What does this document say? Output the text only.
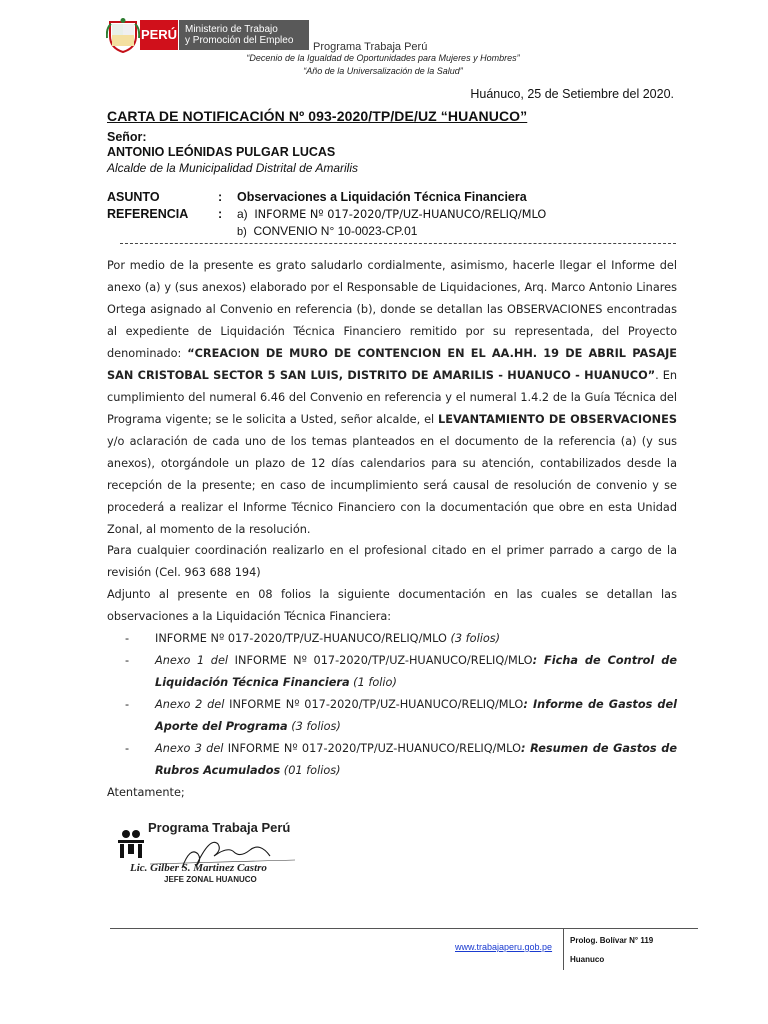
PERÚ Ministerio de Trabajo
y Promoción del Empleo
Programa Trabaja Perú
“Decenio de la Igualdad de Oportunidades para Mujeres y Hombres”
“Año de la Universalización de la Salud”
Huánuco, 25 de Setiembre del 2020.
CARTA DE NOTIFICACIÓN Nº 093-2020/TP/DE/UZ “HUANUCO”
Señor:
ANTONIO LEÓNIDAS PULGAR LUCAS
Alcalde de la Municipalidad Distrital de Amarilis
ASUNTO	: Observaciones a Liquidación Técnica Financiera
REFERENCIA : a) INFORME Nº 017-2020/TP/UZ-HUANUCO/RELIQ/MLO
b) CONVENIO N° 10-0023-CP.01
Por medio de la presente es grato saludarlo cordialmente, asimismo, hacerle llegar el Informe del anexo (a) y (sus anexos) elaborado por el Responsable de Liquidaciones, Arq. Marco Antonio Linares Ortega asignado al Convenio en referencia (b), donde se detallan las OBSERVACIONES encontradas al expediente de Liquidación Técnica Financiero remitido por su representada, del Proyecto denominado: “CREACION DE MURO DE CONTENCION EN EL AA.HH. 19 DE ABRIL PASAJE SAN CRISTOBAL SECTOR 5 SAN LUIS, DISTRITO DE AMARILIS - HUANUCO - HUANUCO”. En cumplimiento del numeral 6.46 del Convenio en referencia y el numeral 1.4.2 de la Guía Técnica del Programa vigente; se le solicita a Usted, señor alcalde, el LEVANTAMIENTO DE OBSERVACIONES y/o aclaración de cada uno de los temas planteados en el documento de la referencia (a) (y sus anexos), otorgándole un plazo de 12 días calendarios para su atención, contabilizados desde la recepción de la presente; en caso de incumplimiento será causal de resolución de convenio y se procederá a realizar el Informe Técnico Financiero con la documentación que obre en esta Unidad Zonal, al momento de la resolución.
Para cualquier coordinación realizarlo en el profesional citado en el primer parrado a cargo de la revisión (Cel. 963 688 194)
Adjunto al presente en 08 folios la siguiente documentación en las cuales se detallan las observaciones a la Liquidación Técnica Financiera:
-	INFORME Nº 017-2020/TP/UZ-HUANUCO/RELIQ/MLO (3 folios)
-	Anexo 1 del INFORME Nº 017-2020/TP/UZ-HUANUCO/RELIQ/MLO: Ficha de Control de Liquidación Técnica Financiera (1 folio)
-	Anexo 2 del INFORME Nº 017-2020/TP/UZ-HUANUCO/RELIQ/MLO: Informe de Gastos del Aporte del Programa (3 folios)
-	Anexo 3 del INFORME Nº 017-2020/TP/UZ-HUANUCO/RELIQ/MLO: Resumen de Gastos de Rubros Acumulados (01 folios)
Atentamente;
Programa Trabaja Perú
Lic. Gilber S. Martinez Castro
JEFE ZONAL HUANUCO
www.trabajaperu.gob.pe
Prolog. Bolívar N° 119
Huanuco
